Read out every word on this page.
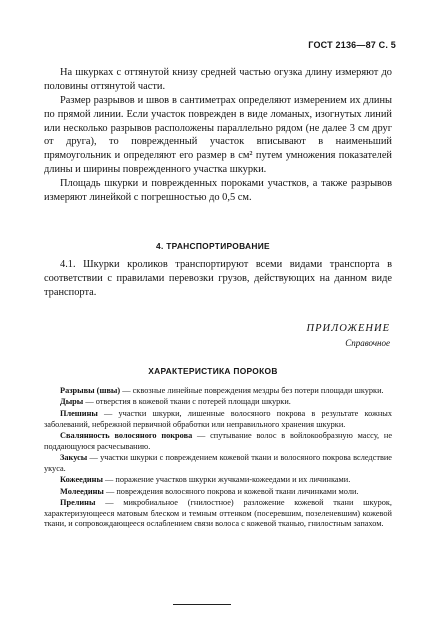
ГОСТ 2136—87 С. 5

На шкурках с оттянутой книзу средней частью огузка длину измеряют до половины оттянутой части.

Размер разрывов и швов в сантиметрах определяют измерением их длины по прямой линии. Если участок поврежден в виде ломаных, изогнутых линий или несколько разрывов расположены параллельно рядом (не далее 3 см друг от друга), то поврежденный участок вписывают в наименьший прямоугольник и определяют его размер в см² путем умножения показателей длины и ширины поврежденного участка шкурки.

Площадь шкурки и поврежденных пороками участков, а также разрывов измеряют линейкой с погрешностью до 0,5 см.

4. ТРАНСПОРТИРОВАНИЕ

4.1. Шкурки кроликов транспортируют всеми видами транспорта в соответствии с правилами перевозки грузов, действующих на данном виде транспорта.

ПРИЛОЖЕНИЕ
Справочное
ХАРАКТЕРИСТИКА ПОРОКОВ

Разрывы (швы) — сквозные линейные повреждения мездры без потери площади шкурки.

Дыры — отверстия в кожевой ткани с потерей площади шкурки.

Плешины — участки шкурки, лишенные волосяного покрова в результате кожных заболеваний, небрежной первичной обработки или неправильного хранения шкурки.

Свалянность волосяного покрова — спутывание волос в войлокообразную массу, не поддающуюся расчесыванию.

Закусы — участки шкурки с повреждением кожевой ткани и волосяного покрова вследствие укуса.

Кожеедины — поражение участков шкурки жучками-кожеедами и их личинками.

Молеедины — повреждения волосяного покрова и кожевой ткани личинками моли.

Прелины — микробиальное (гнилостное) разложение кожевой ткани шкурок, характеризующееся матовым блеском и темным оттенком (посеревшим, позеленевшим) кожевой ткани, и сопровождающееся ослаблением связи волоса с кожевой тканью, гнилостным запахом.
